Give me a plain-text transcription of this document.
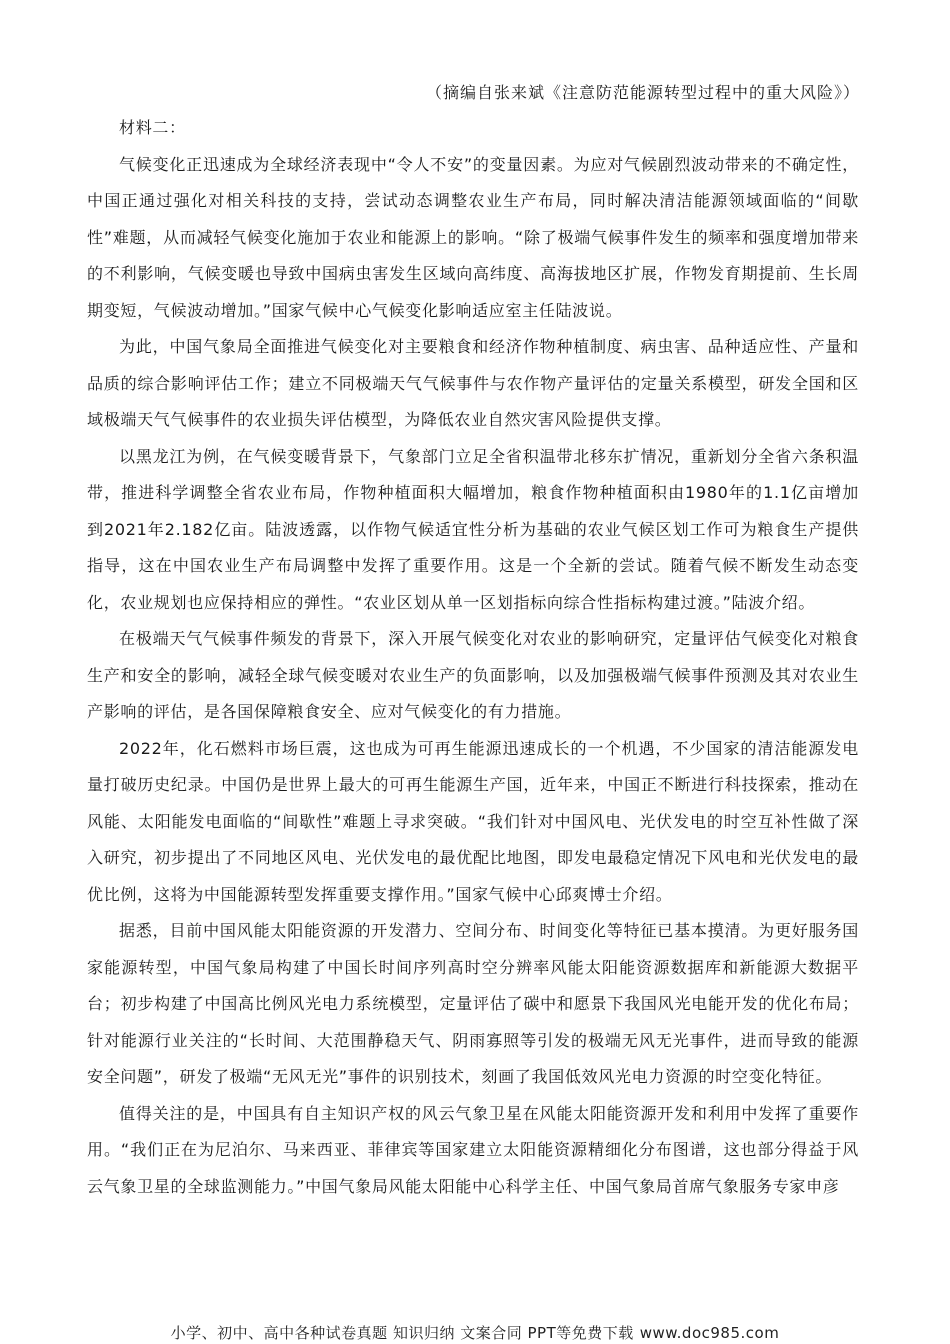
（摘编自张来斌《注意防范能源转型过程中的重大风险》）
材料二：

气候变化正迅速成为全球经济表现中“令人不安”的变量因素。为应对气候剧烈波动带来的不确定性，中国正通过强化对相关科技的支持，尝试动态调整农业生产布局，同时解决清洁能源领域面临的“间歇性”难题，从而减轻气候变化施加于农业和能源上的影响。“除了极端气候事件发生的频率和强度增加带来的不利影响，气候变暖也导致中国病虫害发生区域向高纬度、高海拔地区扩展，作物发育期提前、生长周期变短，气候波动增加。”国家气候中心气候变化影响适应室主任陆波说。

为此，中国气象局全面推进气候变化对主要粮食和经济作物种植制度、病虫害、品种适应性、产量和品质的综合影响评估工作；建立不同极端天气气候事件与农作物产量评估的定量关系模型，研发全国和区域极端天气气候事件的农业损失评估模型，为降低农业自然灾害风险提供支撑。

以黑龙江为例，在气候变暖背景下，气象部门立足全省积温带北移东扩情况，重新划分全省六条积温带，推进科学调整全省农业布局，作物种植面积大幅增加，粮食作物种植面积由1980年的1.1亿亩增加到2021年2.182亿亩。陆波透露，以作物气候适宜性分析为基础的农业气候区划工作可为粮食生产提供指导，这在中国农业生产布局调整中发挥了重要作用。这是一个全新的尝试。随着气候不断发生动态变化，农业规划也应保持相应的弹性。“农业区划从单一区划指标向综合性指标构建过渡。”陆波介绍。

在极端天气气候事件频发的背景下，深入开展气候变化对农业的影响研究，定量评估气候变化对粮食生产和安全的影响，减轻全球气候变暖对农业生产的负面影响，以及加强极端气候事件预测及其对农业生产影响的评估，是各国保障粮食安全、应对气候变化的有力措施。

2022年，化石燃料市场巨震，这也成为可再生能源迅速成长的一个机遇，不少国家的清洁能源发电量打破历史纪录。中国仍是世界上最大的可再生能源生产国，近年来，中国正不断进行科技探索，推动在风能、太阳能发电面临的“间歇性”难题上寻求突破。“我们针对中国风电、光伏发电的时空互补性做了深入研究，初步提出了不同地区风电、光伏发电的最优配比地图，即发电最稳定情况下风电和光伏发电的最优比例，这将为中国能源转型发挥重要支撑作用。”国家气候中心邱爽博士介绍。

据悉，目前中国风能太阳能资源的开发潜力、空间分布、时间变化等特征已基本摸清。为更好服务国家能源转型，中国气象局构建了中国长时间序列高时空分辨率风能太阳能资源数据库和新能源大数据平台；初步构建了中国高比例风光电力系统模型，定量评估了碳中和愿景下我国风光电能开发的优化布局；针对能源行业关注的“长时间、大范围静稳天气、阴雨寡照等引发的极端无风无光事件，进而导致的能源安全问题”，研发了极端“无风无光”事件的识别技术，刻画了我国低效风光电力资源的时空变化特征。

值得关注的是，中国具有自主知识产权的风云气象卫星在风能太阳能资源开发和利用中发挥了重要作用。“我们正在为尼泊尔、马来西亚、菲律宾等国家建立太阳能资源精细化分布图谱，这也部分得益于风云气象卫星的全球监测能力。”中国气象局风能太阳能中心科学主任、中国气象局首席气象服务专家申彦

小学、初中、高中各种试卷真题 知识归纳 文案合同 PPT等免费下载 www.doc985.com
